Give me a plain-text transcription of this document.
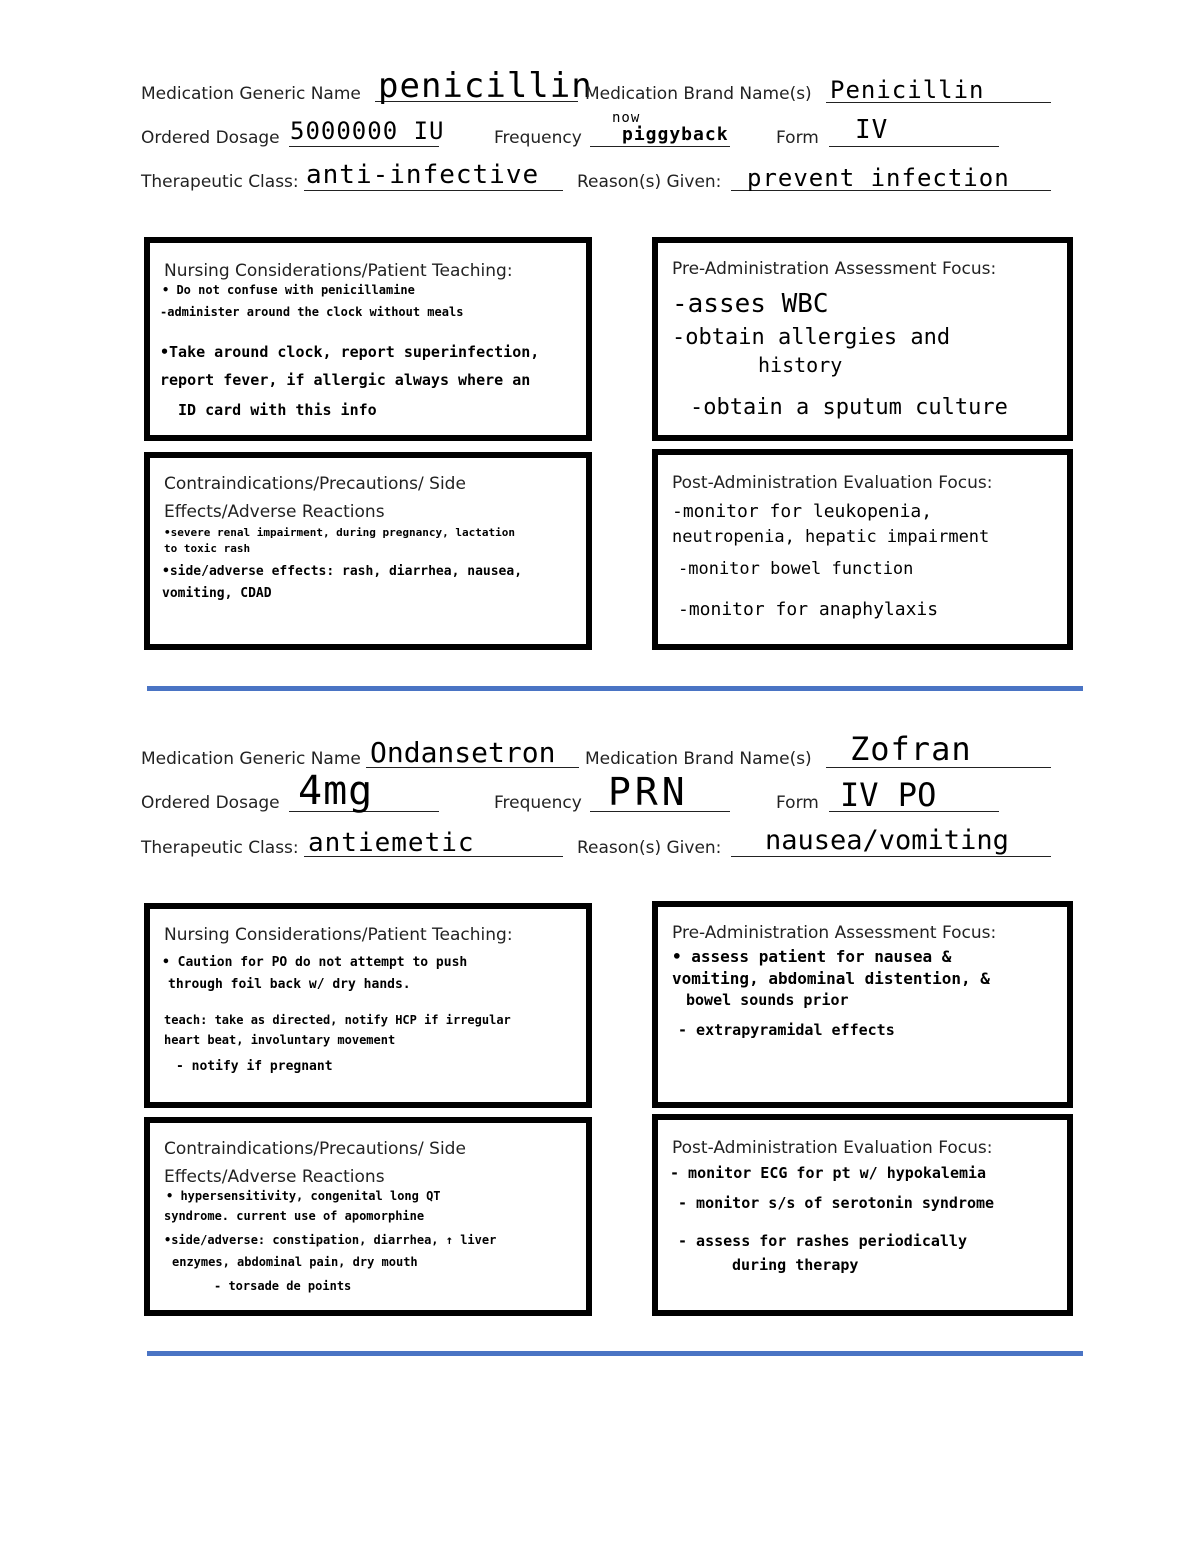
Medication Generic Name penicillin
Medication Brand Name(s) Penicillin
Ordered Dosage 5000000 IU	Frequency
now
piggyback	Form IV
Therapeutic Class: anti-infective Reason(s) Given: prevent infection
Nursing Considerations/Patient Teaching:
• Do not confuse with penicillamine
-administer around the clock without meals
•Take around clock, report superinfection,
report fever, if allergic always where an
ID card with this info
Pre-Administration Assessment Focus:
-asses WBC
-obtain allergies and
history
-obtain a sputum culture
Contraindications/Precautions/ Side
Effects/Adverse Reactions
•severe renal impairment, during pregnancy, lactation
to toxic rash
•side/adverse effects: rash, diarrhea, nausea,
vomiting, CDAD
Post-Administration Evaluation Focus:
-monitor for leukopenia,
neutropenia, hepatic impairment
-monitor bowel function
-monitor for anaphylaxis
Medication Generic Name Ondansetron Medication Brand Name(s) Zofran
Ordered Dosage 4mg	Frequency PRN	Form IV PO
Therapeutic Class: antiemetic	Reason(s) Given: nausea/vomiting
Nursing Considerations/Patient Teaching:
• Caution for PO do not attempt to push
through foil back w/ dry hands.
teach: take as directed, notify HCP if irregular
heart beat, involuntary movement
- notify if pregnant
Pre-Administration Assessment Focus:
• assess patient for nausea &
vomiting, abdominal distention, &
bowel sounds prior
- extrapyramidal effects
Contraindications/Precautions/ Side
Effects/Adverse Reactions
• hypersensitivity, congenital long QT
syndrome. current use of apomorphine
•side/adverse: constipation, diarrhea, ↑ liver
enzymes, abdominal pain, dry mouth
- torsade de points
Post-Administration Evaluation Focus:
- monitor ECG for pt w/ hypokalemia
- monitor s/s of serotonin syndrome
- assess for rashes periodically
during therapy
